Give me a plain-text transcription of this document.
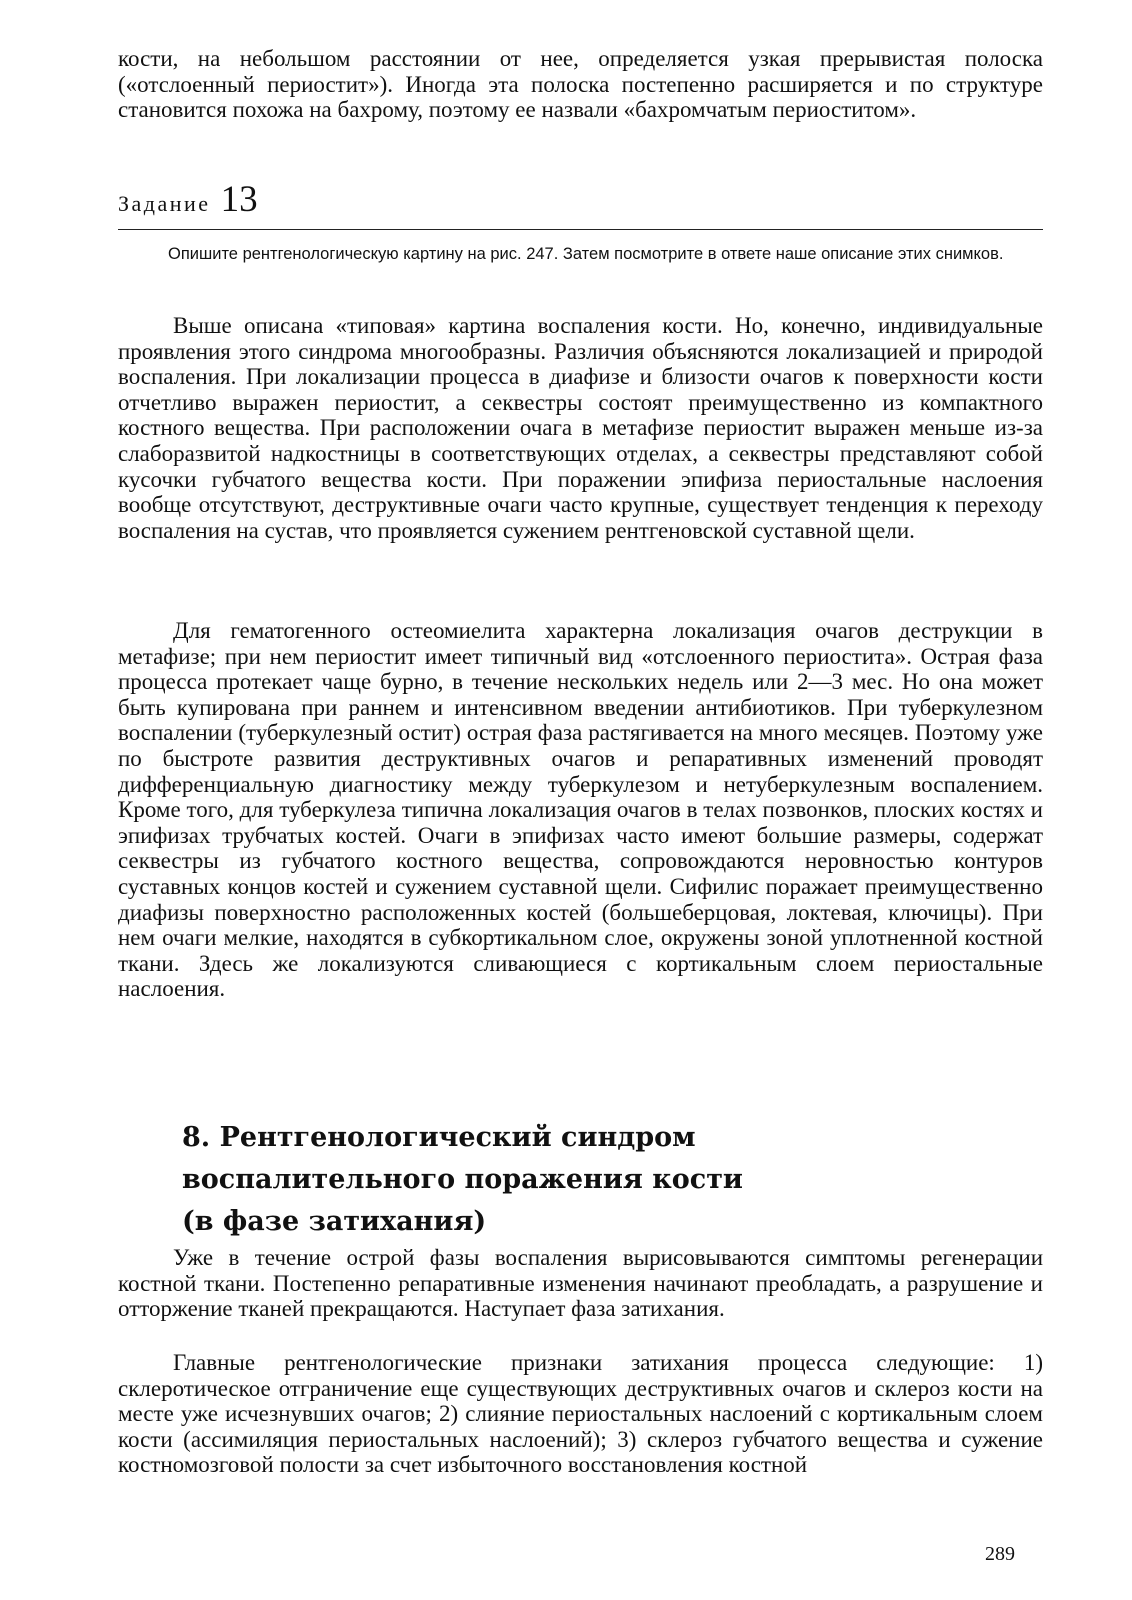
кости, на небольшом расстоянии от нее, определяется узкая прерывистая полоска («отслоенный периостит»). Иногда эта полоска постепенно расширяется и по структуре становится похожа на бахрому, поэтому ее назвали «бахромчатым периоститом».

Задание 13

Опишите рентгенологическую картину на рис. 247. Затем посмотрите в ответе наше описание этих снимков.

Выше описана «типовая» картина воспаления кости. Но, конечно, индивидуальные проявления этого синдрома многообразны. Различия объясняются локализацией и природой воспаления. При локализации процесса в диафизе и близости очагов к поверхности кости отчетливо выражен периостит, а секвестры состоят преимущественно из компактного костного вещества. При расположении очага в метафизе периостит выражен меньше из-за слаборазвитой надкостницы в соответствующих отделах, а секвестры представляют собой кусочки губчатого вещества кости. При поражении эпифиза периостальные наслоения вообще отсутствуют, деструктивные очаги часто крупные, существует тенденция к переходу воспаления на сустав, что проявляется сужением рентгеновской суставной щели.

Для гематогенного остеомиелита характерна локализация очагов деструкции в метафизе; при нем периостит имеет типичный вид «отслоенного периостита». Острая фаза процесса протекает чаще бурно, в течение нескольких недель или 2—3 мес. Но она может быть купирована при раннем и интенсивном введении антибиотиков. При туберкулезном воспалении (туберкулезный остит) острая фаза растягивается на много месяцев. Поэтому уже по быстроте развития деструктивных очагов и репаративных изменений проводят дифференциальную диагностику между туберкулезом и нетуберкулезным воспалением. Кроме того, для туберкулеза типична локализация очагов в телах позвонков, плоских костях и эпифизах трубчатых костей. Очаги в эпифизах часто имеют большие размеры, содержат секвестры из губчатого костного вещества, сопровождаются неровностью контуров суставных концов костей и сужением суставной щели. Сифилис поражает преимущественно диафизы поверхностно расположенных костей (большеберцовая, локтевая, ключицы). При нем очаги мелкие, находятся в субкортикальном слое, окружены зоной уплотненной костной ткани. Здесь же локализуются сливающиеся с кортикальным слоем периостальные наслоения.

8. Рентгенологический синдром
воспалительного поражения кости
(в фазе затихания)

Уже в течение острой фазы воспаления вырисовываются симптомы регенерации костной ткани. Постепенно репаративные изменения начинают преобладать, а разрушение и отторжение тканей прекращаются. Наступает фаза затихания.

Главные рентгенологические признаки затихания процесса следующие: 1) склеротическое отграничение еще существующих деструктивных очагов и склероз кости на месте уже исчезнувших очагов; 2) слияние периостальных наслоений с кортикальным слоем кости (ассимиляция периостальных наслоений); 3) склероз губчатого вещества и сужение костномозговой полости за счет избыточного восстановления костной

289
